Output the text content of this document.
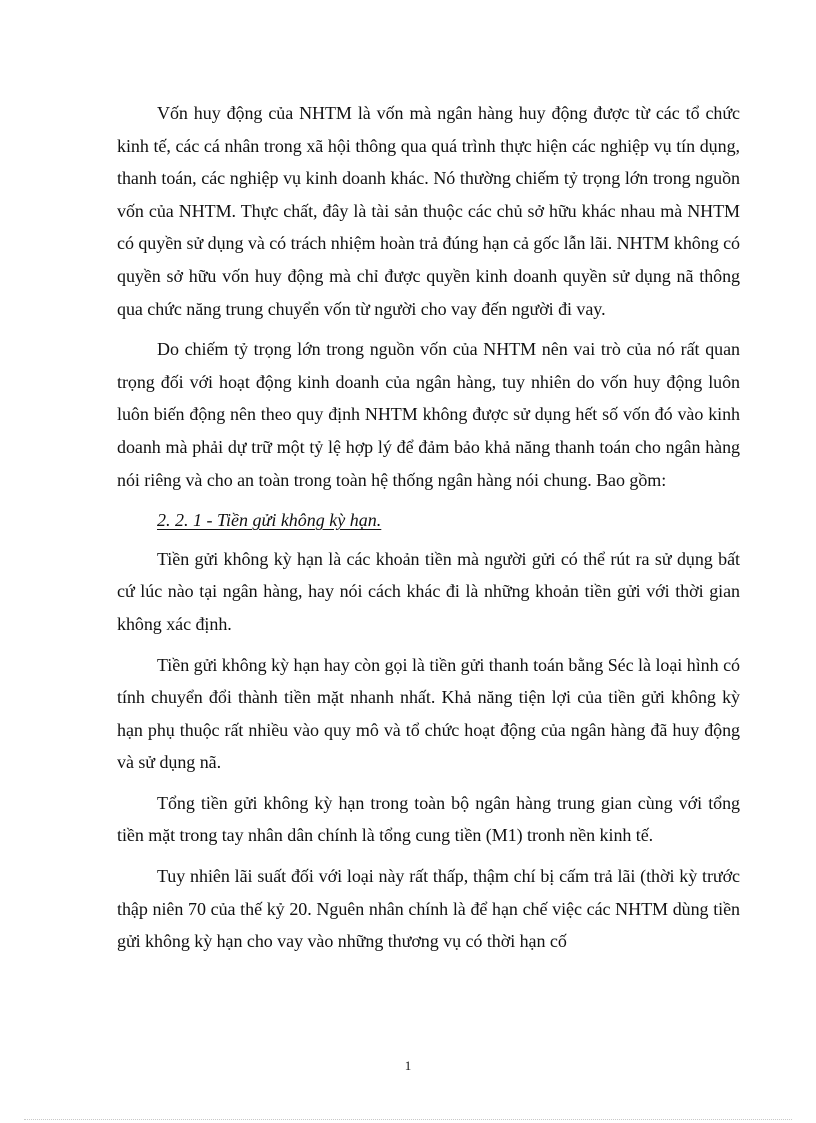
Vốn huy động của NHTM là vốn mà ngân hàng huy động được từ các tổ chức kinh tế, các cá nhân trong xã hội thông qua quá trình thực hiện các nghiệp vụ tín dụng, thanh toán, các nghiệp vụ kinh doanh khác. Nó thường chiếm tỷ trọng lớn trong nguồn vốn của NHTM. Thực chất, đây là tài sản thuộc các chủ sở hữu khác nhau mà NHTM có quyền sử dụng và có trách nhiệm hoàn trả đúng hạn cả gốc lẫn lãi. NHTM không có quyền sở hữu vốn huy động mà chỉ được quyền kinh doanh quyền sử dụng nã thông qua chức năng trung chuyển vốn từ người cho vay đến người đi vay.

Do chiếm tỷ trọng lớn trong nguồn vốn của NHTM nên vai trò của nó rất quan trọng đối với hoạt động kinh doanh của ngân hàng, tuy nhiên do vốn huy động luôn luôn biến động nên theo quy định NHTM không được sử dụng hết số vốn đó vào kinh doanh mà phải dự trữ một tỷ lệ hợp lý để đảm bảo khả năng thanh toán cho ngân hàng nói riêng và cho an toàn trong toàn hệ thống ngân hàng nói chung. Bao gồm:

2. 2. 1 - Tiền gửi không kỳ hạn.

Tiền gửi không kỳ hạn là các khoản tiền mà người gửi có thể rút ra sử dụng bất cứ lúc nào tại ngân hàng, hay nói cách khác đi là những khoản tiền gửi với thời gian không xác định.

Tiền gửi không kỳ hạn hay còn gọi là tiền gửi thanh toán bằng Séc là loại hình có tính chuyển đổi thành tiền mặt nhanh nhất. Khả năng tiện lợi của tiền gửi không kỳ hạn phụ thuộc rất nhiều vào quy mô và tổ chức hoạt động của ngân hàng đã huy động và sử dụng nã.

Tổng tiền gửi không kỳ hạn trong toàn bộ ngân hàng trung gian cùng với tổng tiền mặt trong tay nhân dân chính là tổng cung tiền (M1) tronh nền kinh tế.

Tuy nhiên lãi suất đối với loại này rất thấp, thậm chí bị cấm trả lãi (thời kỳ trước thập niên 70 của thế kỷ 20. Nguên nhân chính là để hạn chế việc các NHTM dùng tiền gửi không kỳ hạn cho vay vào những thương vụ có thời hạn cố

1
